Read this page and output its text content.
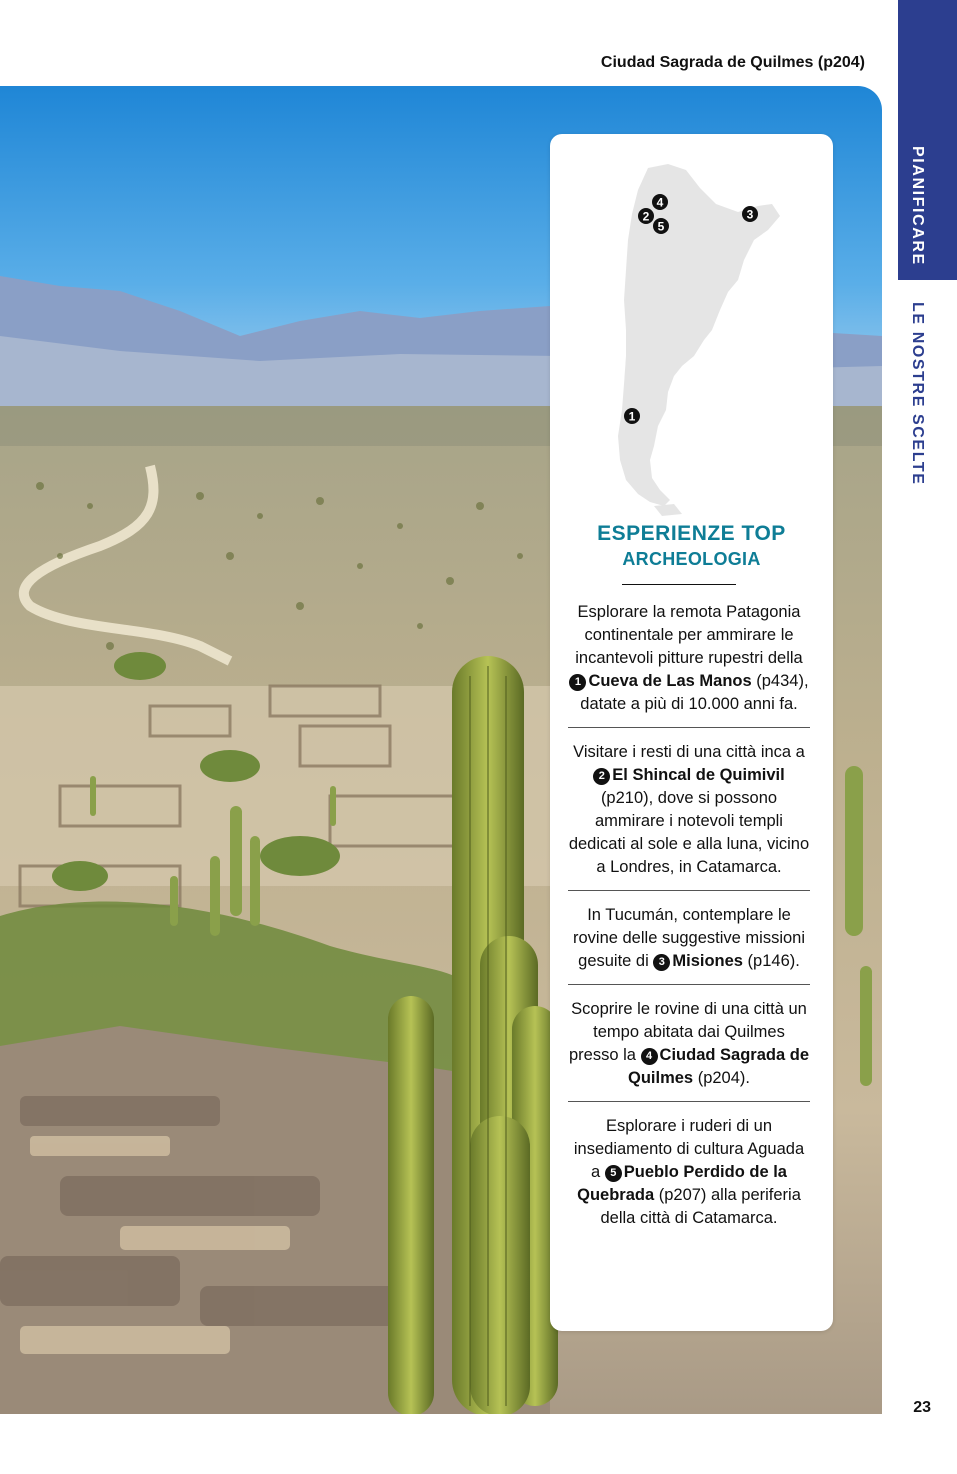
Ciudad Sagrada de Quilmes (p204)
PIANIFICARE
LE NOSTRE SCELTE
4
2
5
3
1
ESPERIENZE TOP
ARCHEOLOGIA
Esplorare la remota Patagonia continentale per ammirare le incantevoli pitture rupestri della 1 Cueva de Las Manos (p434), datate a più di 10.000 anni fa.
Visitare i resti di una città inca a 2 El Shincal de Quimivil (p210), dove si possono ammirare i notevoli templi dedicati al sole e alla luna, vicino a Londres, in Catamarca.
In Tucumán, contemplare le rovine delle suggestive missioni gesuite di 3 Misiones (p146).
Scoprire le rovine di una città un tempo abitata dai Quilmes presso la 4 Ciudad Sagrada de Quilmes (p204).
Esplorare i ruderi di un insediamento di cultura Aguada a 5 Pueblo Perdido de la Quebrada (p207) alla periferia della città di Catamarca.
23
